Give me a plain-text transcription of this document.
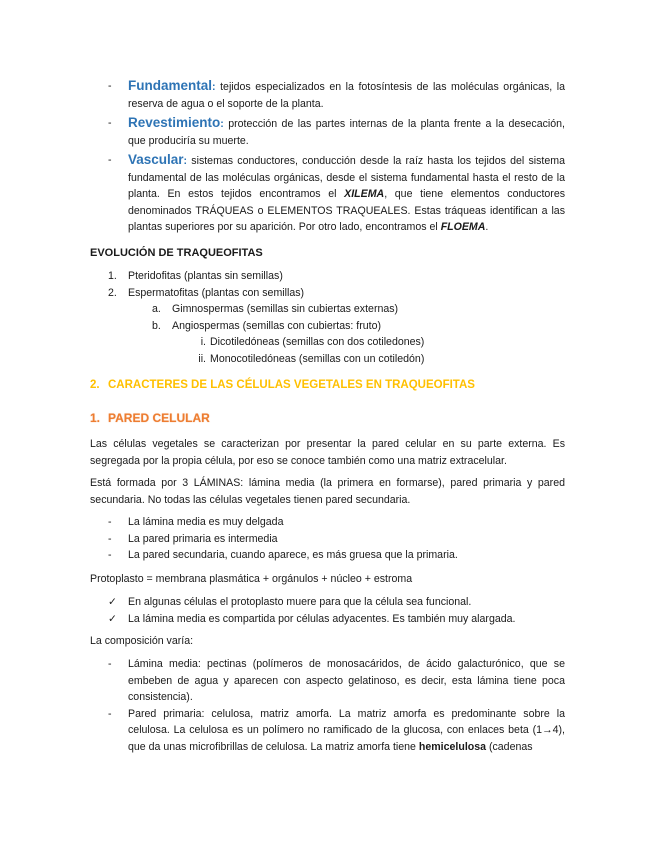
- Fundamental: tejidos especializados en la fotosíntesis de las moléculas orgánicas, la reserva de agua o el soporte de la planta.
- Revestimiento: protección de las partes internas de la planta frente a la desecación, que produciría su muerte.
- Vascular: sistemas conductores, conducción desde la raíz hasta los tejidos del sistema fundamental de las moléculas orgánicas, desde el sistema fundamental hasta el resto de la planta. En estos tejidos encontramos el XILEMA, que tiene elementos conductores denominados TRÁQUEAS o ELEMENTOS TRAQUEALES. Estas tráqueas identifican a las plantas superiores por su aparición. Por otro lado, encontramos el FLOEMA.
EVOLUCIÓN DE TRAQUEOFITAS
1. Pteridofitas (plantas sin semillas)
2. Espermatofitas (plantas con semillas)
a. Gimnospermas (semillas sin cubiertas externas)
b. Angiospermas (semillas con cubiertas: fruto)
i. Dicotiledóneas (semillas con dos cotiledones)
ii. Monocotiledóneas (semillas con un cotiledón)
2. CARACTERES DE LAS CÉLULAS VEGETALES EN TRAQUEOFITAS
1. PARED CELULAR
Las células vegetales se caracterizan por presentar la pared celular en su parte externa. Es segregada por la propia célula, por eso se conoce también como una matriz extracelular.
Está formada por 3 LÁMINAS: lámina media (la primera en formarse), pared primaria y pared secundaria. No todas las células vegetales tienen pared secundaria.
- La lámina media es muy delgada
- La pared primaria es intermedia
- La pared secundaria, cuando aparece, es más gruesa que la primaria.
Protoplasto = membrana plasmática + orgánulos + núcleo + estroma
✓ En algunas células el protoplasto muere para que la célula sea funcional.
✓ La lámina media es compartida por células adyacentes. Es también muy alargada.
La composición varía:
- Lámina media: pectinas (polímeros de monosacáridos, de ácido galacturónico, que se embeben de agua y aparecen con aspecto gelatinoso, es decir, esta lámina tiene poca consistencia).
- Pared primaria: celulosa, matriz amorfa. La matriz amorfa es predominante sobre la celulosa. La celulosa es un polímero no ramificado de la glucosa, con enlaces beta (1→4), que da unas microfibrillas de celulosa. La matriz amorfa tiene hemicelulosa (cadenas
